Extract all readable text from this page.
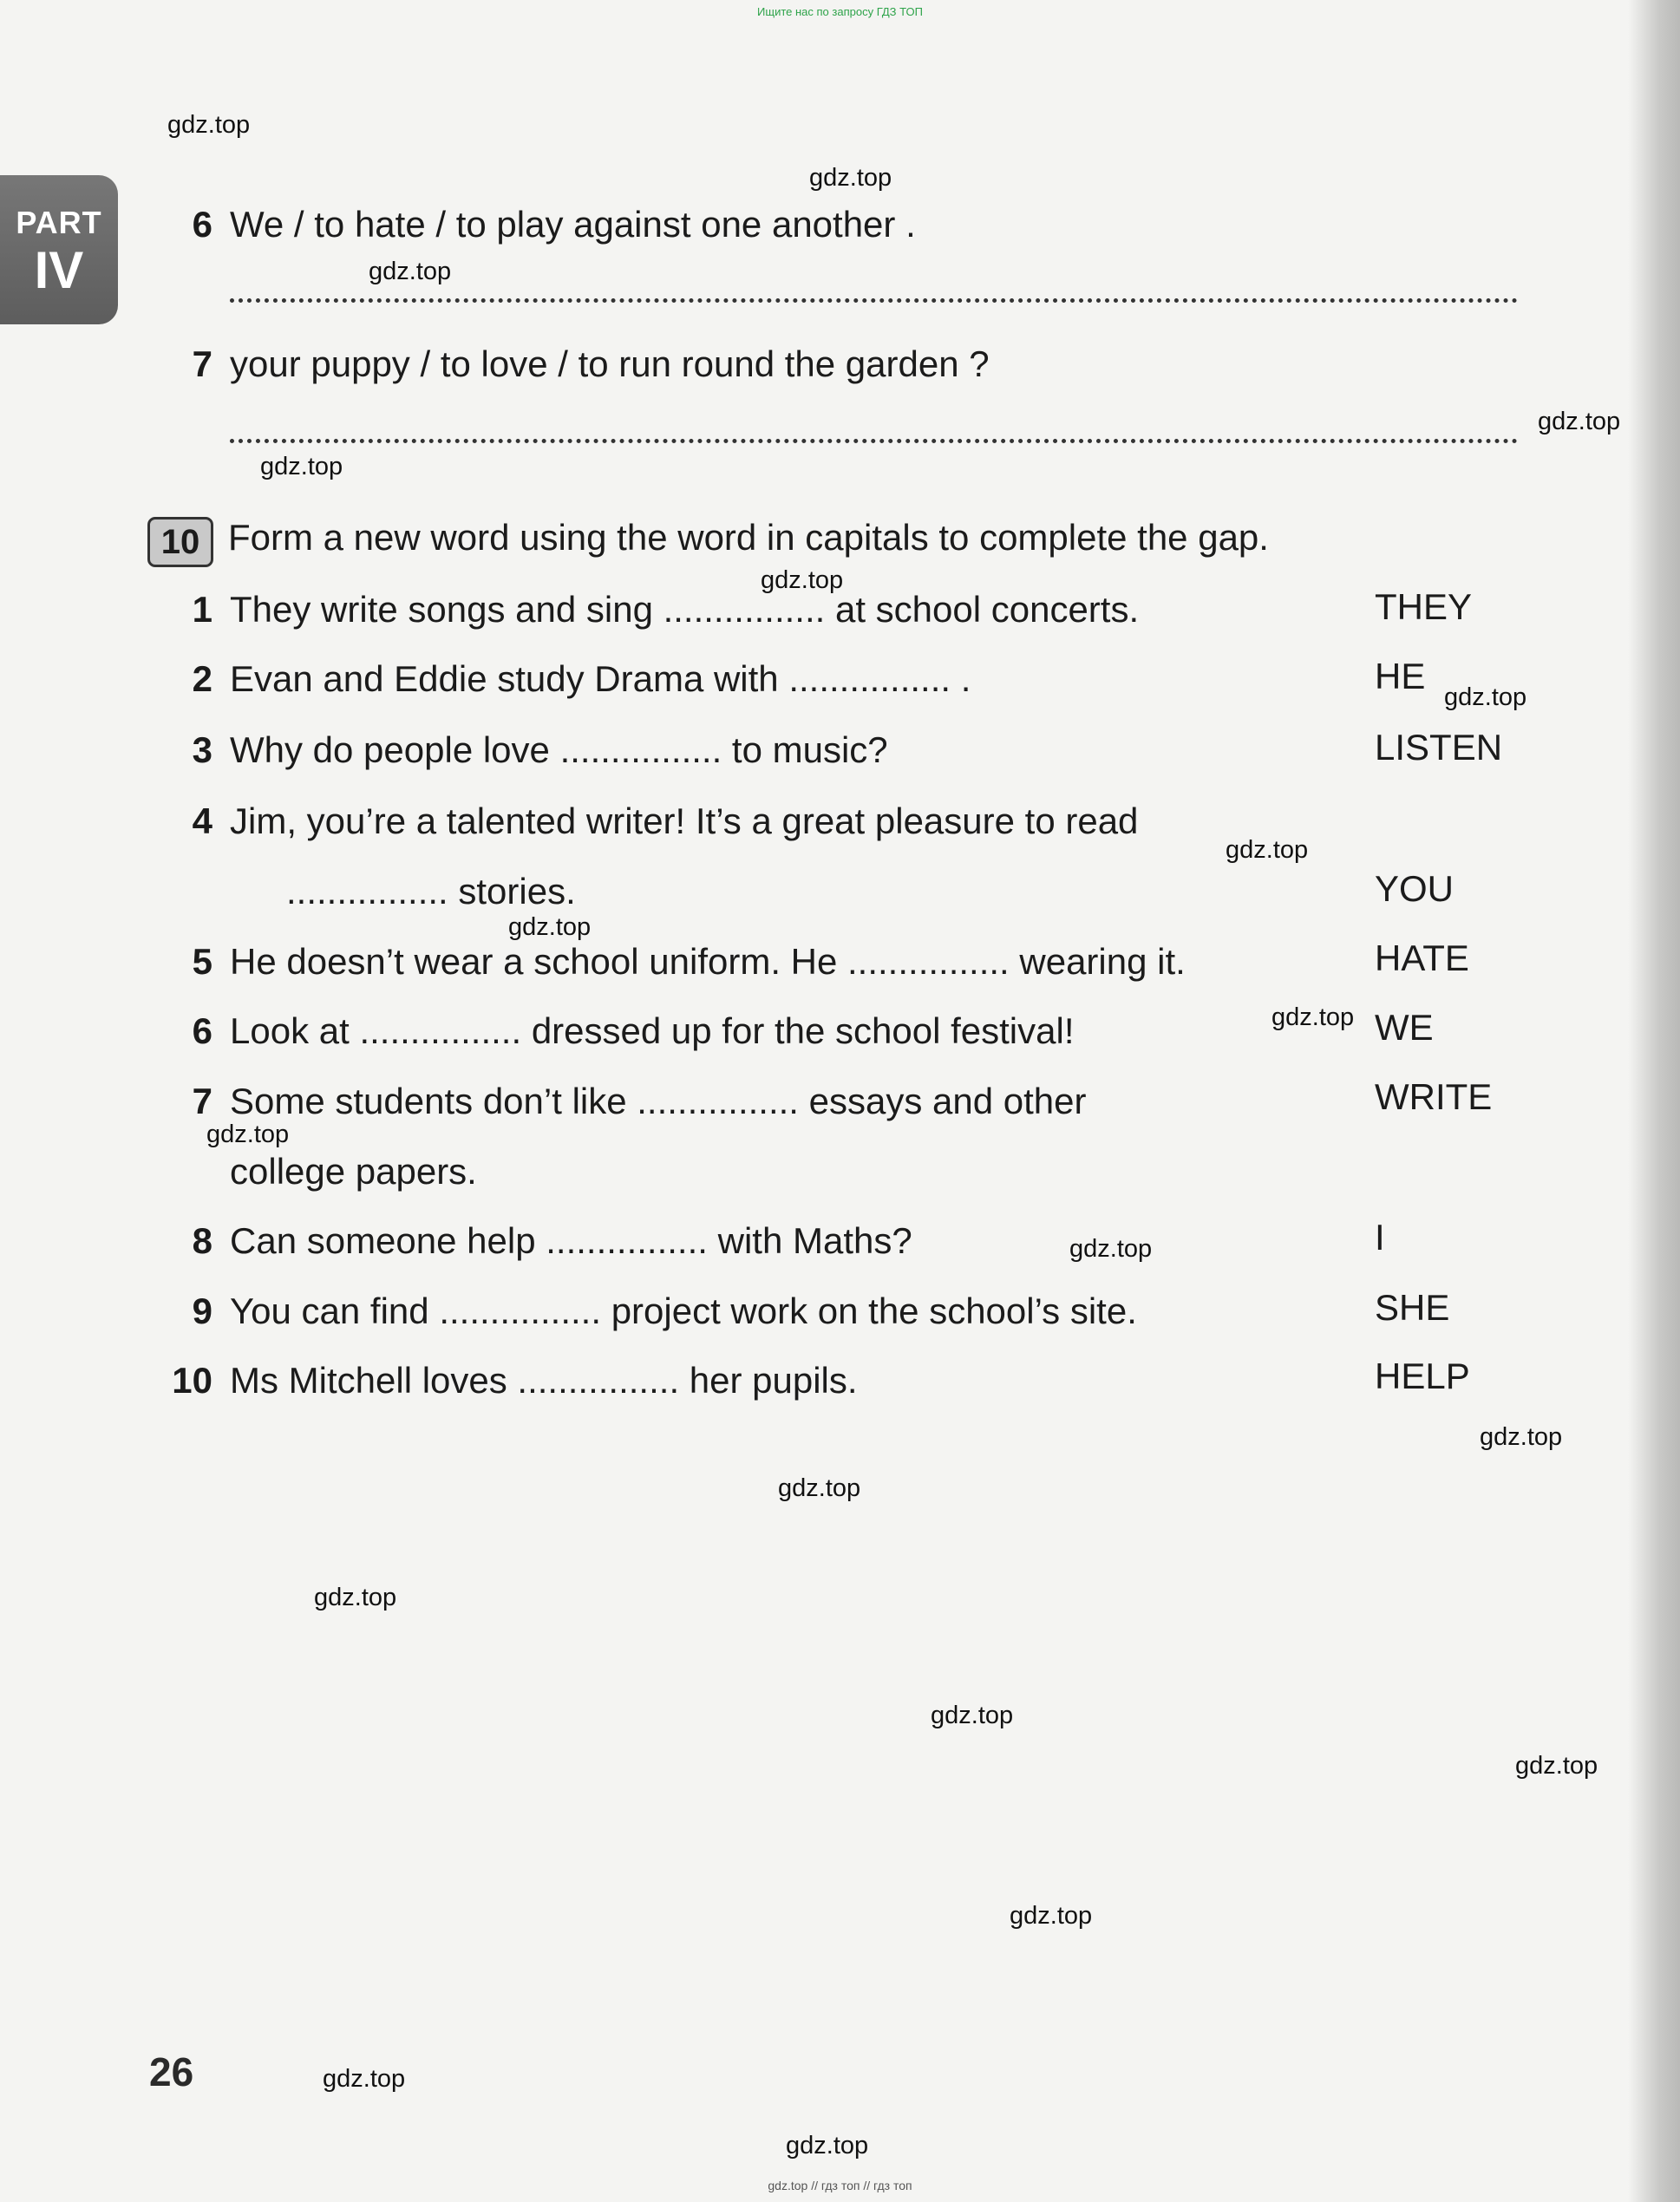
Ищите нас по запросу ГДЗ ТОП
PART
IV
6 We / to hate / to play against one another .
7 your puppy / to love / to run round the garden ?
10 Form a new word using the word in capitals to complete the gap.
1 They write songs and sing ................ at school concerts.	THEY
2 Evan and Eddie study Drama with ................ .	HE
3 Why do people love ................ to music?	LISTEN
4 Jim, you’re a talented writer! It’s a great pleasure to read
................ stories.	YOU
5 He doesn’t wear a school uniform. He ................ wearing it.	HATE
6 Look at ................ dressed up for the school festival!	WE
7 Some students don’t like ................ essays and other
college papers.
WRITE
8 Can someone help ................ with Maths?	I
9 You can find ................ project work on the school’s site.	SHE
10 Ms Mitchell loves ................ her pupils.	HELP
26
gdz.top
gdz.top
gdz.top
gdz.top
gdz.top
gdz.top
gdz.top
gdz.top
gdz.top
gdz.top
gdz.top
gdz.top
gdz.top
gdz.top
gdz.top
gdz.top
gdz.top
gdz.top
gdz.top
gdz.top
gdz.top // гдз топ // гдз топ
